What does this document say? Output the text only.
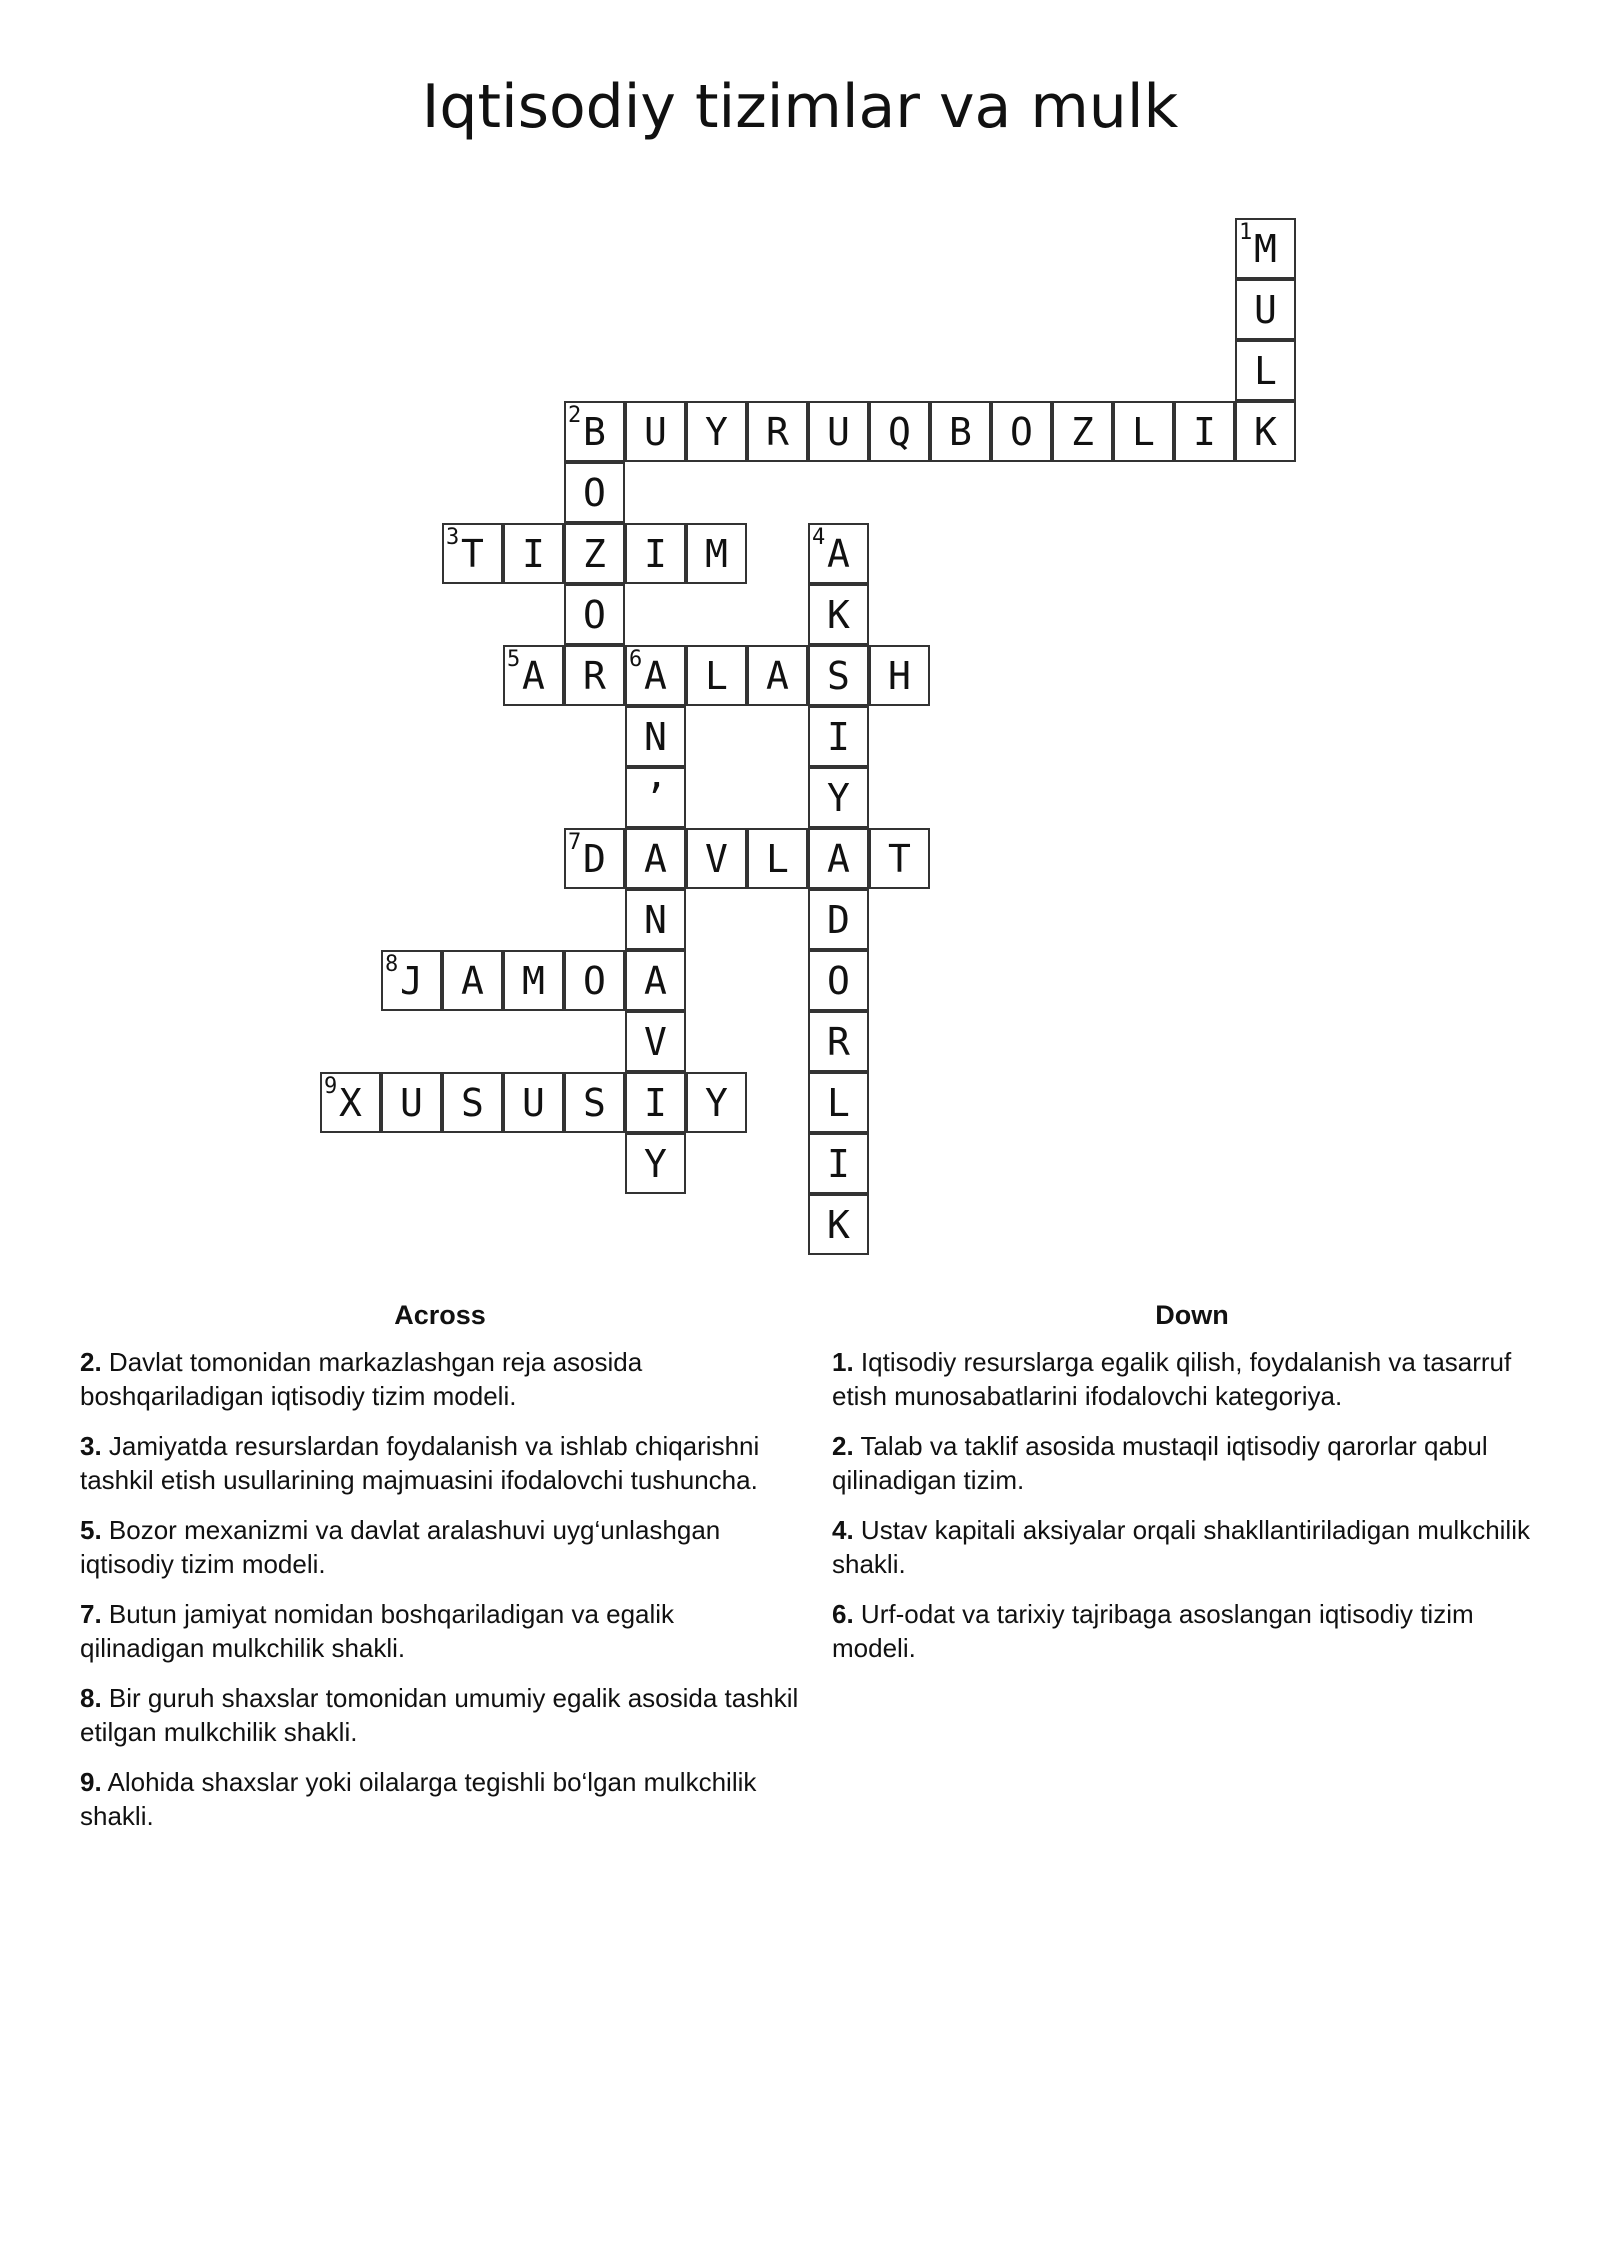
Iqtisodiy tizimlar va mulk
1 M
U
L
2 B	U	Y	R	U	Q	B	O	Z	L	I	K
O
3 T	I	Z	I	M	4 A
O	K
5 A	R	6 A	L	A	S	H
N	I
’	Y
7 D	A	V	L	A	T
N	D
8 J	A	M	O	A	O
V	R
9 X	U	S	U	S	I	Y	L
Y	I
K
Across
2. Davlat tomonidan markazlashgan reja asosida boshqariladigan iqtisodiy tizim modeli.
3. Jamiyatda resurslardan foydalanish va ishlab chiqarishni tashkil etish usullarining majmuasini ifodalovchi tushuncha.
5. Bozor mexanizmi va davlat aralashuvi uyg‘unlashgan iqtisodiy tizim modeli.
7. Butun jamiyat nomidan boshqariladigan va egalik qilinadigan mulkchilik shakli.
8. Bir guruh shaxslar tomonidan umumiy egalik asosida tashkil etilgan mulkchilik shakli.
9. Alohida shaxslar yoki oilalarga tegishli bo‘lgan mulkchilik shakli.
Down
1. Iqtisodiy resurslarga egalik qilish, foydalanish va tasarruf etish munosabatlarini ifodalovchi kategoriya.
2. Talab va taklif asosida mustaqil iqtisodiy qarorlar qabul qilinadigan tizim.
4. Ustav kapitali aksiyalar orqali shakllantiriladigan mulkchilik shakli.
6. Urf-odat va tarixiy tajribaga asoslangan iqtisodiy tizim modeli.
